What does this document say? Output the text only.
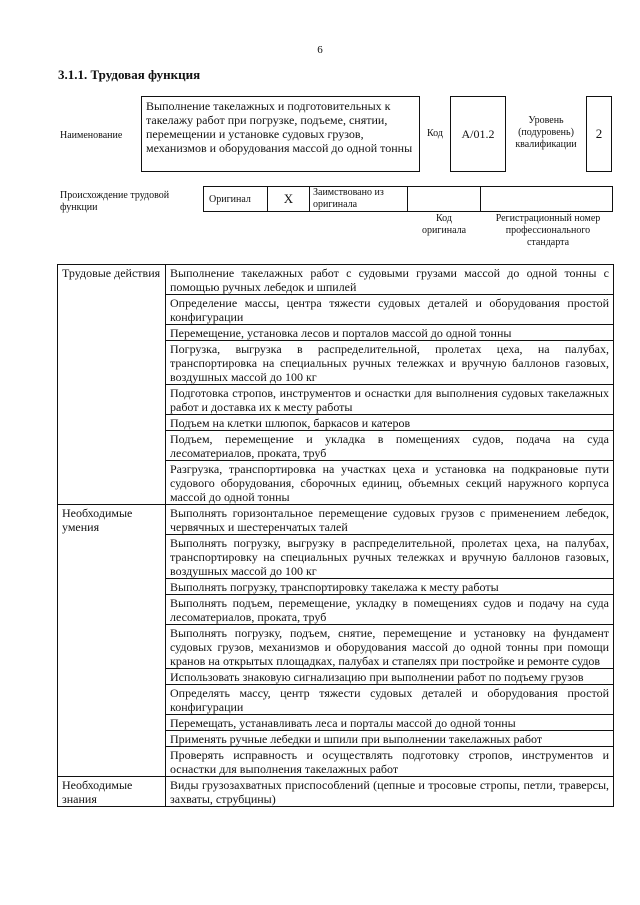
6
3.1.1. Трудовая функция
Наименование
Выполнение такелажных и подготовительных к такелажу работ при погрузке, подъеме, снятии, перемещении и установке судовых грузов, механизмов и оборудования массой до одной тонны
Код А/01.2
Уровень (подуровень) квалификации
2
Происхождение трудовой функции
Оригинал	X Заимствовано из оригинала
Код оригинала
Регистрационный номер профессионального стандарта
Трудовые действия	Выполнение такелажных работ с судовыми грузами массой до одной тонны с помощью ручных лебедок и шпилей
	Определение массы, центра тяжести судовых деталей и оборудования простой конфигурации
	Перемещение, установка лесов и порталов массой до одной тонны
	Погрузка, выгрузка в распределительной, пролетах цеха, на палубах, транспортировка на специальных ручных тележках и вручную баллонов газовых, воздушных массой до 100 кг
	Подготовка стропов, инструментов и оснастки для выполнения судовых такелажных работ и доставка их к месту работы
	Подъем на клетки шлюпок, баркасов и катеров
	Подъем, перемещение и укладка в помещениях судов, подача на суда лесоматериалов, проката, труб
	Разгрузка, транспортировка на участках цеха и установка на подкрановые пути судового оборудования, сборочных единиц, объемных секций наружного корпуса массой до одной тонны
Необходимые умения	Выполнять горизонтальное перемещение судовых грузов с применением лебедок, червячных и шестеренчатых талей
	Выполнять погрузку, выгрузку в распределительной, пролетах цеха, на палубах, транспортировку на специальных ручных тележках и вручную баллонов газовых, воздушных массой до 100 кг
	Выполнять погрузку, транспортировку такелажа к месту работы
	Выполнять подъем, перемещение, укладку в помещениях судов и подачу на суда лесоматериалов, проката, труб
	Выполнять погрузку, подъем, снятие, перемещение и установку на фундамент судовых грузов, механизмов и оборудования массой до одной тонны при помощи кранов на открытых площадках, палубах и стапелях при постройке и ремонте судов
	Использовать знаковую сигнализацию при выполнении работ по подъему грузов
	Определять массу, центр тяжести судовых деталей и оборудования простой конфигурации
	Перемещать, устанавливать леса и порталы массой до одной тонны
	Применять ручные лебедки и шпили при выполнении такелажных работ
	Проверять исправность и осуществлять подготовку стропов, инструментов и оснастки для выполнения такелажных работ
Необходимые знания	Виды грузозахватных приспособлений (цепные и тросовые стропы, петли, траверсы, захваты, струбцины)
